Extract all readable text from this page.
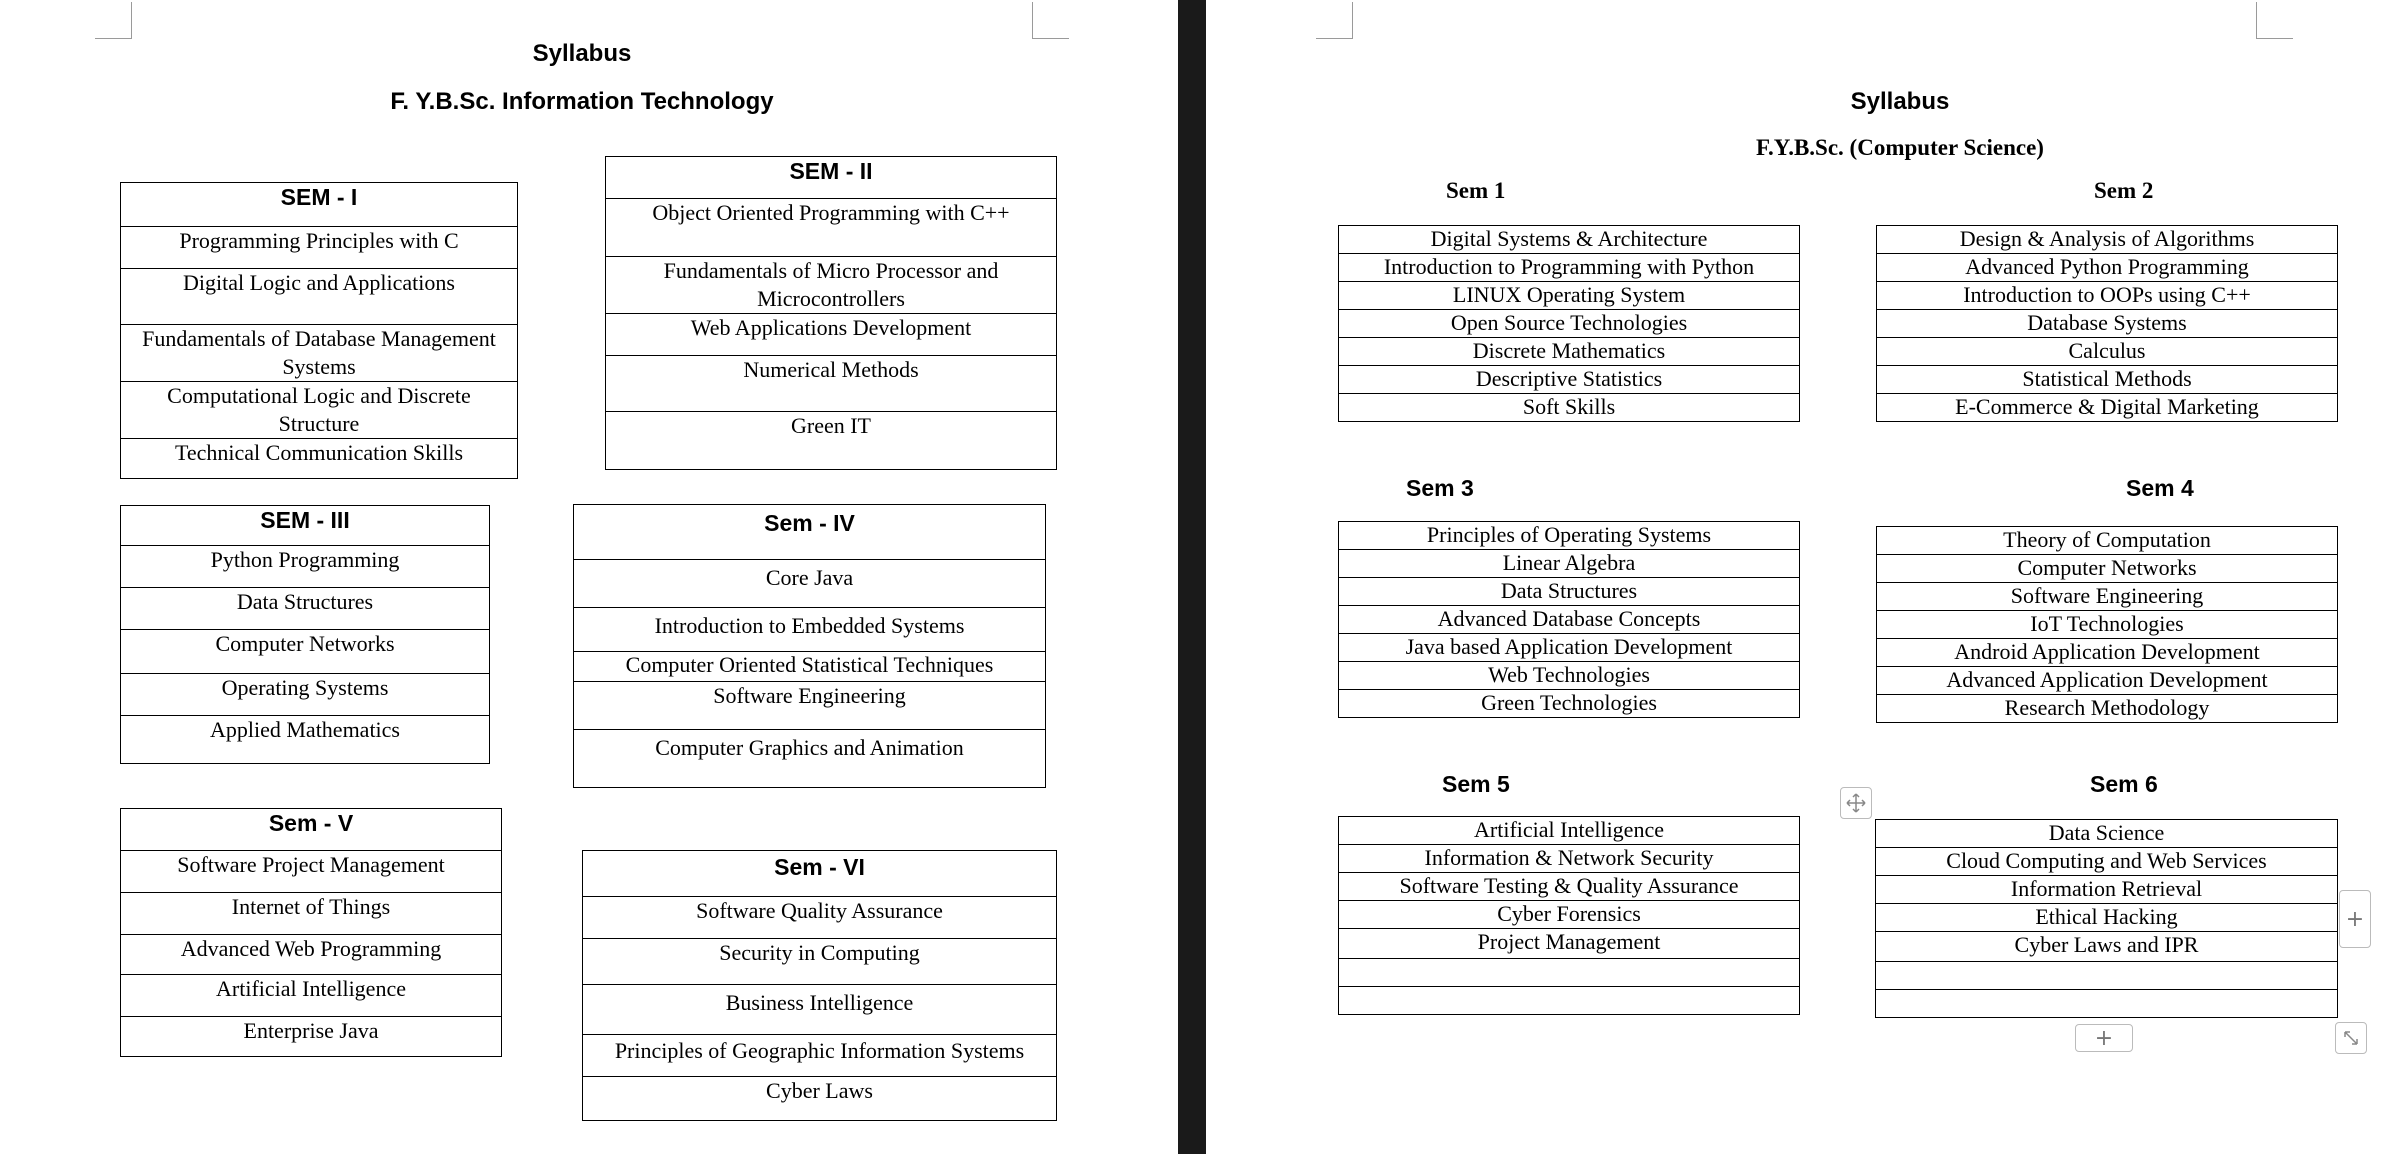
Syllabus
F. Y.B.Sc. Information Technology
SEM - I
Programming Principles with C
Digital Logic and Applications
Fundamentals of Database Management Systems
Computational Logic and Discrete Structure
Technical Communication Skills
SEM - II
Object Oriented Programming with C++
Fundamentals of Micro Processor and Microcontrollers
Web Applications Development
Numerical Methods
Green IT
SEM - III
Python Programming
Data Structures
Computer Networks
Operating Systems
Applied Mathematics
Sem - IV
Core Java
Introduction to Embedded Systems
Computer Oriented Statistical Techniques
Software Engineering
Computer Graphics and Animation
Sem - V
Software Project Management
Internet of Things
Advanced Web Programming
Artificial Intelligence
Enterprise Java
Sem - VI
Software Quality Assurance
Security in Computing
Business Intelligence
Principles of Geographic Information Systems
Cyber Laws
Syllabus
F.Y.B.Sc. (Computer Science)
Sem 1	Sem 2
Sem 3	Sem 4
Sem 5	Sem 6
Digital Systems & Architecture
Introduction to Programming with Python
LINUX Operating System
Open Source Technologies
Discrete Mathematics
Descriptive Statistics
Soft Skills
Design & Analysis of Algorithms
Advanced Python Programming
Introduction to OOPs using C++
Database Systems
Calculus
Statistical Methods
E-Commerce & Digital Marketing
Principles of Operating Systems
Linear Algebra
Data Structures
Advanced Database Concepts
Java based Application Development
Web Technologies
Green Technologies
Theory of Computation
Computer Networks
Software Engineering
IoT Technologies
Android Application Development
Advanced Application Development
Research Methodology
Artificial Intelligence
Information & Network Security
Software Testing & Quality Assurance
Cyber Forensics
Project Management

Data Science
Cloud Computing and Web Services
Information Retrieval
Ethical Hacking
Cyber Laws and IPR

+
+
